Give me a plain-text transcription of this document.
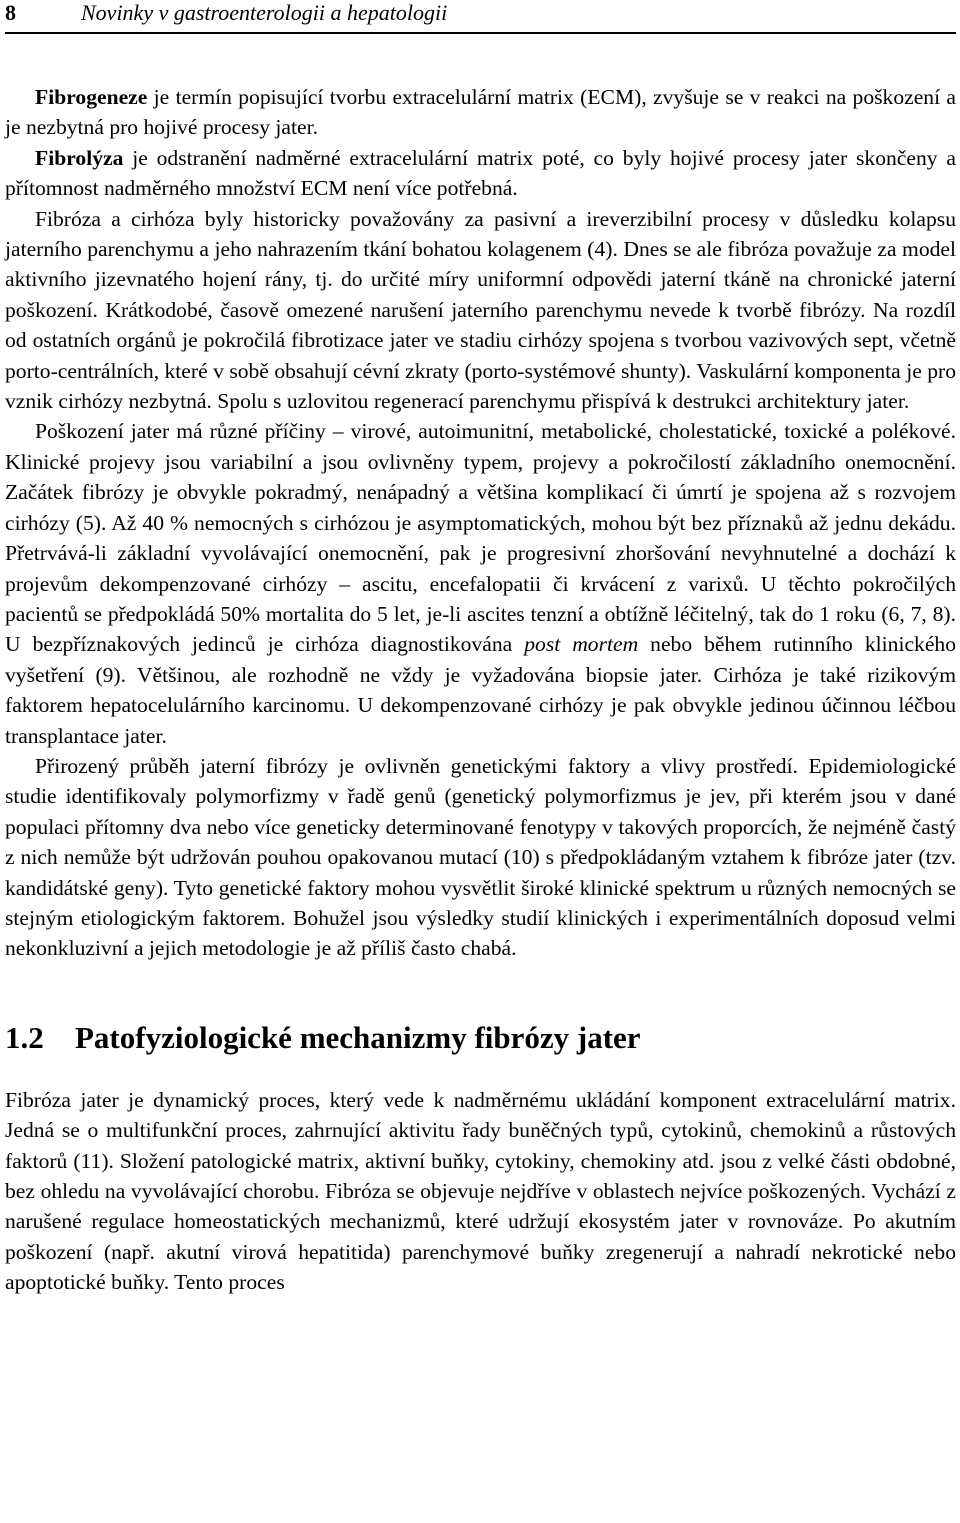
8	Novinky v gastroenterologii a hepatologii

Fibrogeneze je termín popisující tvorbu extracelulární matrix (ECM), zvyšuje se v reakci na poškození a je nezbytná pro hojivé procesy jater.

Fibrolýza je odstranění nadměrné extracelulární matrix poté, co byly hojivé procesy jater skončeny a přítomnost nadměrného množství ECM není více potřebná.

Fibróza a cirhóza byly historicky považovány za pasivní a ireverzibilní procesy v důsledku kolapsu jaterního parenchymu a jeho nahrazením tkání bohatou kolagenem (4). Dnes se ale fibróza považuje za model aktivního jizevnatého hojení rány, tj. do určité míry uniformní odpovědi jaterní tkáně na chronické jaterní poškození. Krátkodobé, časově omezené narušení jaterního parenchymu nevede k tvorbě fibrózy. Na rozdíl od ostatních orgánů je pokročilá fibrotizace jater ve stadiu cirhózy spojena s tvorbou vazivových sept, včetně porto-centrálních, které v sobě obsahují cévní zkraty (porto-systémové shunty). Vaskulární komponenta je pro vznik cirhózy nezbytná. Spolu s uzlovitou regenerací parenchymu přispívá k destrukci architektury jater.

Poškození jater má různé příčiny – virové, autoimunitní, metabolické, cholestatické, toxické a polékové. Klinické projevy jsou variabilní a jsou ovlivněny typem, projevy a pokročilostí základního onemocnění. Začátek fibrózy je obvykle pokradmý, nenápadný a většina komplikací či úmrtí je spojena až s rozvojem cirhózy (5). Až 40 % nemocných s cirhózou je asymptomatických, mohou být bez příznaků až jednu dekádu. Přetrvává-li základní vyvolávající onemocnění, pak je progresivní zhoršování nevyhnutelné a dochází k projevům dekompenzované cirhózy – ascitu, encefalopatii či krvácení z varixů. U těchto pokročilých pacientů se předpokládá 50% mortalita do 5 let, je-li ascites tenzní a obtížně léčitelný, tak do 1 roku (6, 7, 8). U bezpříznakových jedinců je cirhóza diagnostikována post mortem nebo během rutinního klinického vyšetření (9). Většinou, ale rozhodně ne vždy je vyžadována biopsie jater. Cirhóza je také rizikovým faktorem hepatocelulárního karcinomu. U dekompenzované cirhózy je pak obvykle jedinou účinnou léčbou transplantace jater.

Přirozený průběh jaterní fibrózy je ovlivněn genetickými faktory a vlivy prostředí. Epidemiologické studie identifikovaly polymorfizmy v řadě genů (genetický polymorfizmus je jev, při kterém jsou v dané populaci přítomny dva nebo více geneticky determinované fenotypy v takových proporcích, že nejméně častý z nich nemůže být udržován pouhou opakovanou mutací (10) s předpokládaným vztahem k fibróze jater (tzv. kandidátské geny). Tyto genetické faktory mohou vysvětlit široké klinické spektrum u různých nemocných se stejným etiologickým faktorem. Bohužel jsou výsledky studií klinických i experimentálních doposud velmi nekonkluzivní a jejich metodologie je až příliš často chabá.

1.2	Patofyziologické mechanizmy fibrózy jater

Fibróza jater je dynamický proces, který vede k nadměrnému ukládání komponent extracelulární matrix. Jedná se o multifunkční proces, zahrnující aktivitu řady buněčných typů, cytokinů, chemokinů a růstových faktorů (11). Složení patologické matrix, aktivní buňky, cytokiny, chemokiny atd. jsou z velké části obdobné, bez ohledu na vyvolávající chorobu. Fibróza se objevuje nejdříve v oblastech nejvíce poškozených. Vychází z narušené regulace homeostatických mechanizmů, které udržují ekosystém jater v rovnováze. Po akutním poškození (např. akutní virová hepatitida) parenchymové buňky zregenerují a nahradí nekrotické nebo apoptotické buňky. Tento proces
